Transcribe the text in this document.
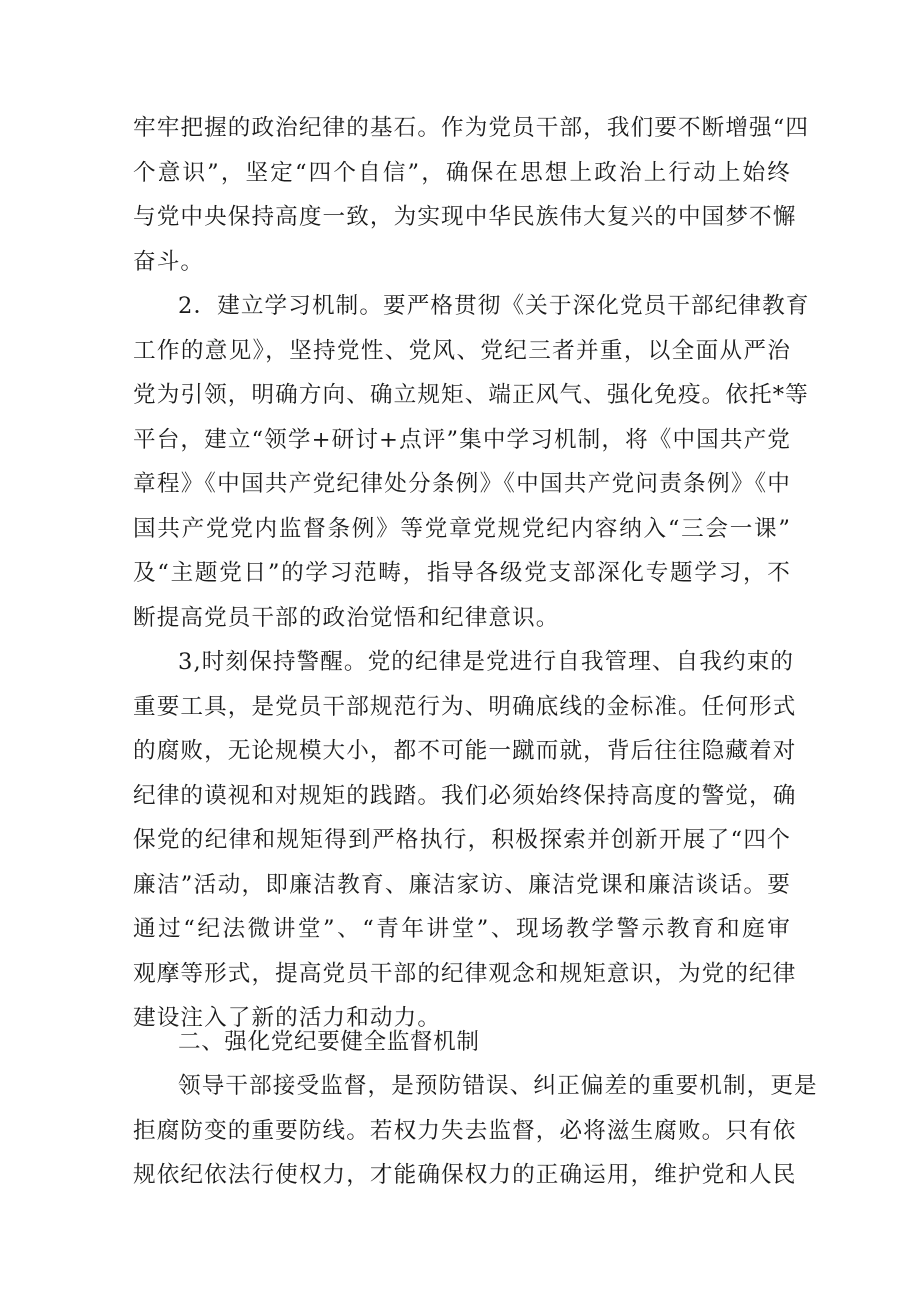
牢牢把握的政治纪律的基石。作为党员干部，我们要不断增强“四
个意识”，坚定“四个自信”，确保在思想上政治上行动上始终
与党中央保持高度一致，为实现中华民族伟大复兴的中国梦不懈
奋斗。
2．建立学习机制。要严格贯彻《关于深化党员干部纪律教育
工作的意见》，坚持党性、党风、党纪三者并重，以全面从严治
党为引领，明确方向、确立规矩、端正风气、强化免疫。依托*等
平台，建立“领学+研讨+点评”集中学习机制，将《中国共产党
章程》《中国共产党纪律处分条例》《中国共产党问责条例》《中
国共产党党内监督条例》等党章党规党纪内容纳入“三会一课”
及“主题党日”的学习范畴，指导各级党支部深化专题学习，不
断提高党员干部的政治觉悟和纪律意识。
3,时刻保持警醒。党的纪律是党进行自我管理、自我约束的
重要工具，是党员干部规范行为、明确底线的金标准。任何形式
的腐败，无论规模大小，都不可能一蹴而就，背后往往隐藏着对
纪律的谟视和对规矩的践踏。我们必须始终保持高度的警觉，确
保党的纪律和规矩得到严格执行，积极探索并创新开展了“四个
廉洁”活动，即廉洁教育、廉洁家访、廉洁党课和廉洁谈话。要
通过“纪法微讲堂”、“青年讲堂”、现场教学警示教育和庭审
观摩等形式，提高党员干部的纪律观念和规矩意识，为党的纪律
建设注入了新的活力和动力。
二、强化党纪要健全监督机制
领导干部接受监督，是预防错误、纠正偏差的重要机制，更是
拒腐防变的重要防线。若权力失去监督，必将滋生腐败。只有依
规依纪依法行使权力，才能确保权力的正确运用，维护党和人民
